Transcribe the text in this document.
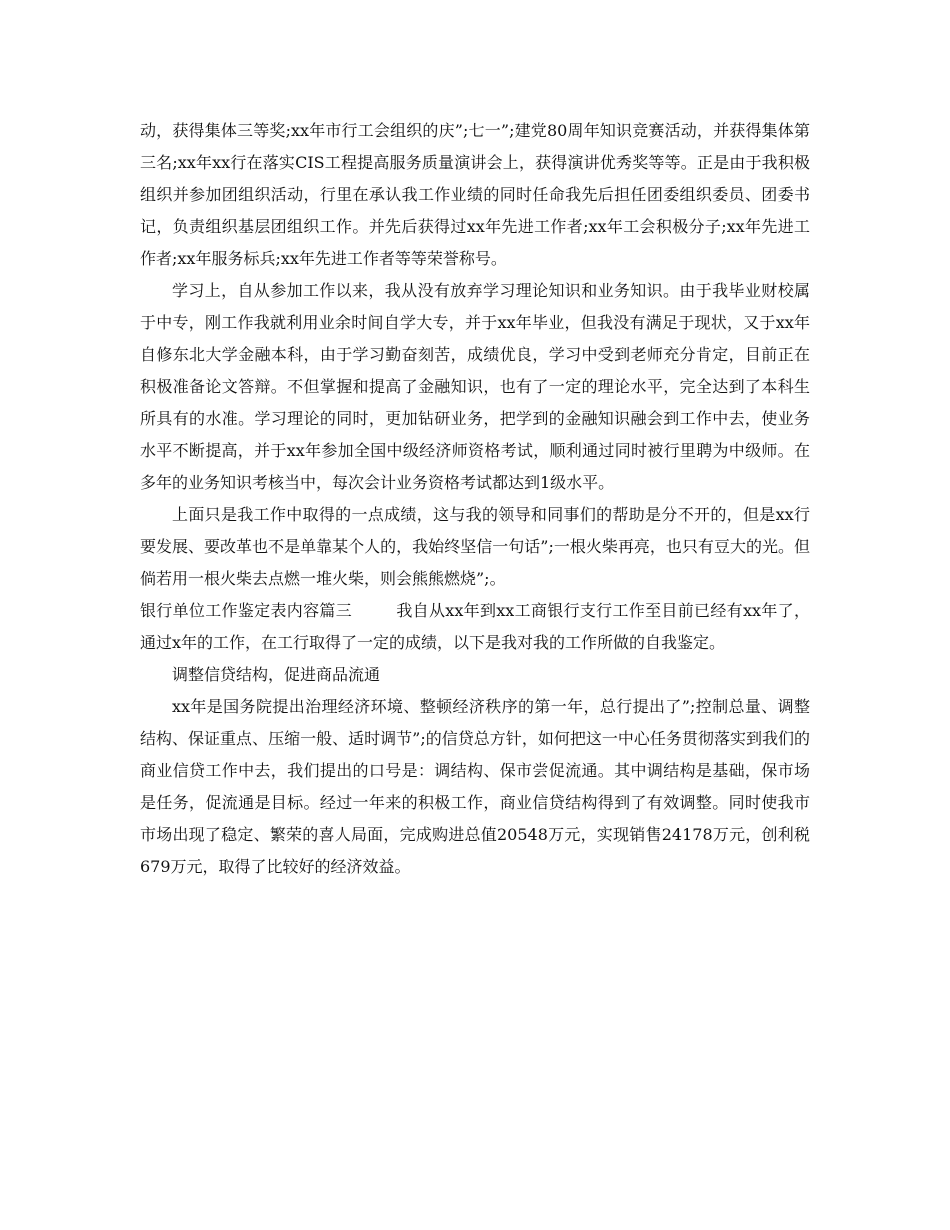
动，获得集体三等奖;xx年市行工会组织的庆”;七一”;建党80周年知识竞赛活动，并获得集体第三名;xx年xx行在落实CIS工程提高服务质量演讲会上，获得演讲优秀奖等等。正是由于我积极组织并参加团组织活动，行里在承认我工作业绩的同时任命我先后担任团委组织委员、团委书记，负责组织基层团组织工作。并先后获得过xx年先进工作者;xx年工会积极分子;xx年先进工作者;xx年服务标兵;xx年先进工作者等等荣誉称号。

学习上，自从参加工作以来，我从没有放弃学习理论知识和业务知识。由于我毕业财校属于中专，刚工作我就利用业余时间自学大专，并于xx年毕业，但我没有满足于现状，又于xx年自修东北大学金融本科，由于学习勤奋刻苦，成绩优良，学习中受到老师充分肯定，目前正在积极准备论文答辩。不但掌握和提高了金融知识，也有了一定的理论水平，完全达到了本科生所具有的水准。学习理论的同时，更加钻研业务，把学到的金融知识融会到工作中去，使业务水平不断提高，并于xx年参加全国中级经济师资格考试，顺利通过同时被行里聘为中级师。在多年的业务知识考核当中，每次会计业务资格考试都达到1级水平。

上面只是我工作中取得的一点成绩，这与我的领导和同事们的帮助是分不开的，但是xx行要发展、要改革也不是单靠某个人的，我始终坚信一句话”;一根火柴再亮，也只有豆大的光。但倘若用一根火柴去点燃一堆火柴，则会熊熊燃烧”;。

银行单位工作鉴定表内容篇三	我自从xx年到xx工商银行支行工作至目前已经有xx年了，通过x年的工作，在工行取得了一定的成绩，以下是我对我的工作所做的自我鉴定。

调整信贷结构，促进商品流通

xx年是国务院提出治理经济环境、整顿经济秩序的第一年，总行提出了”;控制总量、调整结构、保证重点、压缩一般、适时调节”;的信贷总方针，如何把这一中心任务贯彻落实到我们的商业信贷工作中去，我们提出的口号是：调结构、保市尝促流通。其中调结构是基础，保市场是任务，促流通是目标。经过一年来的积极工作，商业信贷结构得到了有效调整。同时使我市市场出现了稳定、繁荣的喜人局面，完成购进总值20548万元，实现销售24178万元，创利税679万元，取得了比较好的经济效益。
